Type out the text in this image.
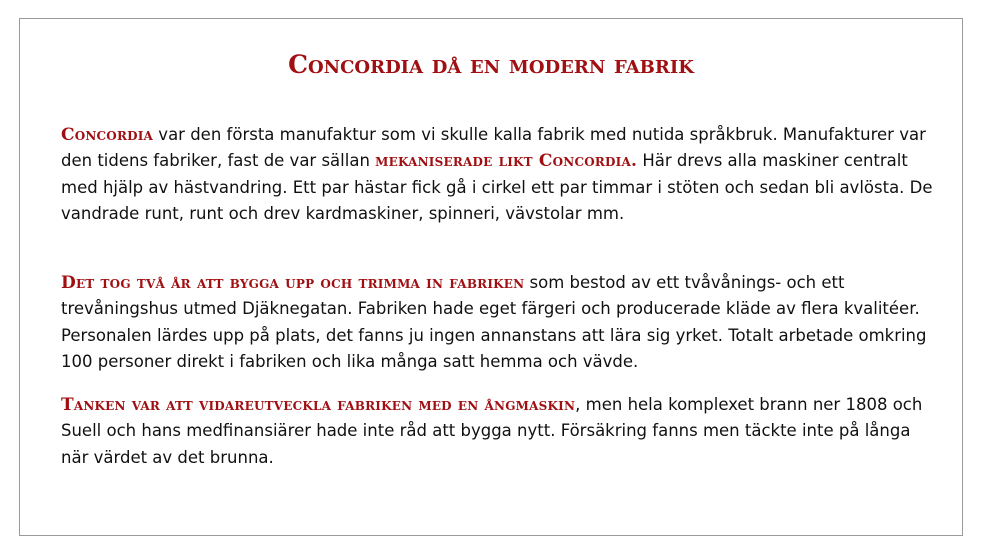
Concordia då en modern fabrik

Concordia var den första manufaktur som vi skulle kalla fabrik med nutida språkbruk. Manufakturer var den tidens fabriker, fast de var sällan mekaniserade likt Concordia. Här drevs alla maskiner centralt med hjälp av hästvandring. Ett par hästar fick gå i cirkel ett par timmar i stöten och sedan bli avlösta. De vandrade runt, runt och drev kardmaskiner, spinneri, vävstolar mm.

Det tog två år att bygga upp och trimma in fabriken som bestod av ett tvåvånings- och ett trevåningshus utmed Djäknegatan. Fabriken hade eget färgeri och producerade kläde av flera kvalitéer. Personalen lärdes upp på plats, det fanns ju ingen annanstans att lära sig yrket. Totalt arbetade omkring 100 personer direkt i fabriken och lika många satt hemma och vävde.

Tanken var att vidareutveckla fabriken med en ångmaskin, men hela komplexet brann ner 1808 och Suell och hans medfinansiärer hade inte råd att bygga nytt. Försäkring fanns men täckte inte på långa när värdet av det brunna.
